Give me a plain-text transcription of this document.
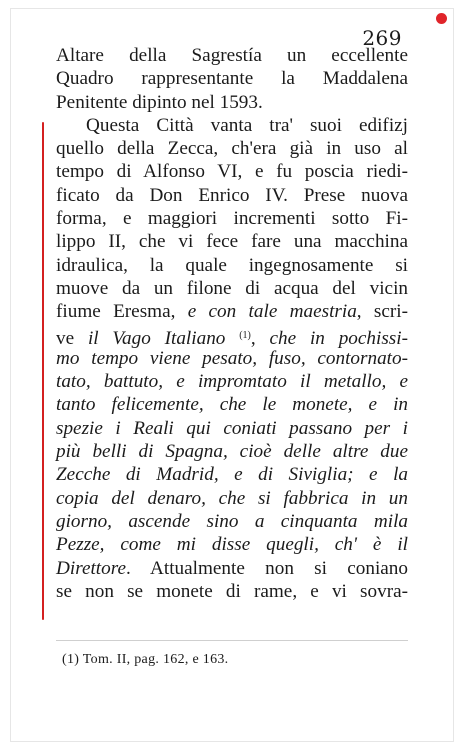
269
Altare della Sagrestía un eccellente
Quadro rappresentante la Maddalena
Penitente dipinto nel 1593.
Questa Città vanta tra' suoi edifizj
quello della Zecca, ch'era già in uso al
tempo di Alfonso VI, e fu poscia riedi-
ficato da Don Enrico IV. Prese nuova
forma, e maggiori incrementi sotto Fi-
lippo II, che vi fece fare una macchina
idraulica, la quale ingegnosamente si
muove da un filone di acqua del vicin
fiume Eresma, e con tale maestria, scri-
ve il Vago Italiano $^{(1)}$, che in pochissi-
mo tempo viene pesato, fuso, contornato-
tato, battuto, e impromtato il metallo, e
tanto felicemente, che le monete, e in
spezie i Reali qui coniati passano per i
più belli di Spagna, cioè delle altre due
Zecche di Madrid, e di Siviglia; e la
copia del denaro, che si fabbrica in un
giorno, ascende sino a cinquanta mila
Pezze, come mi disse quegli, ch' è il
Direttore. Attualmente non si coniano
se non se monete di rame, e vi sovra-
(1) Tom. II, pag. 162, e 163.
